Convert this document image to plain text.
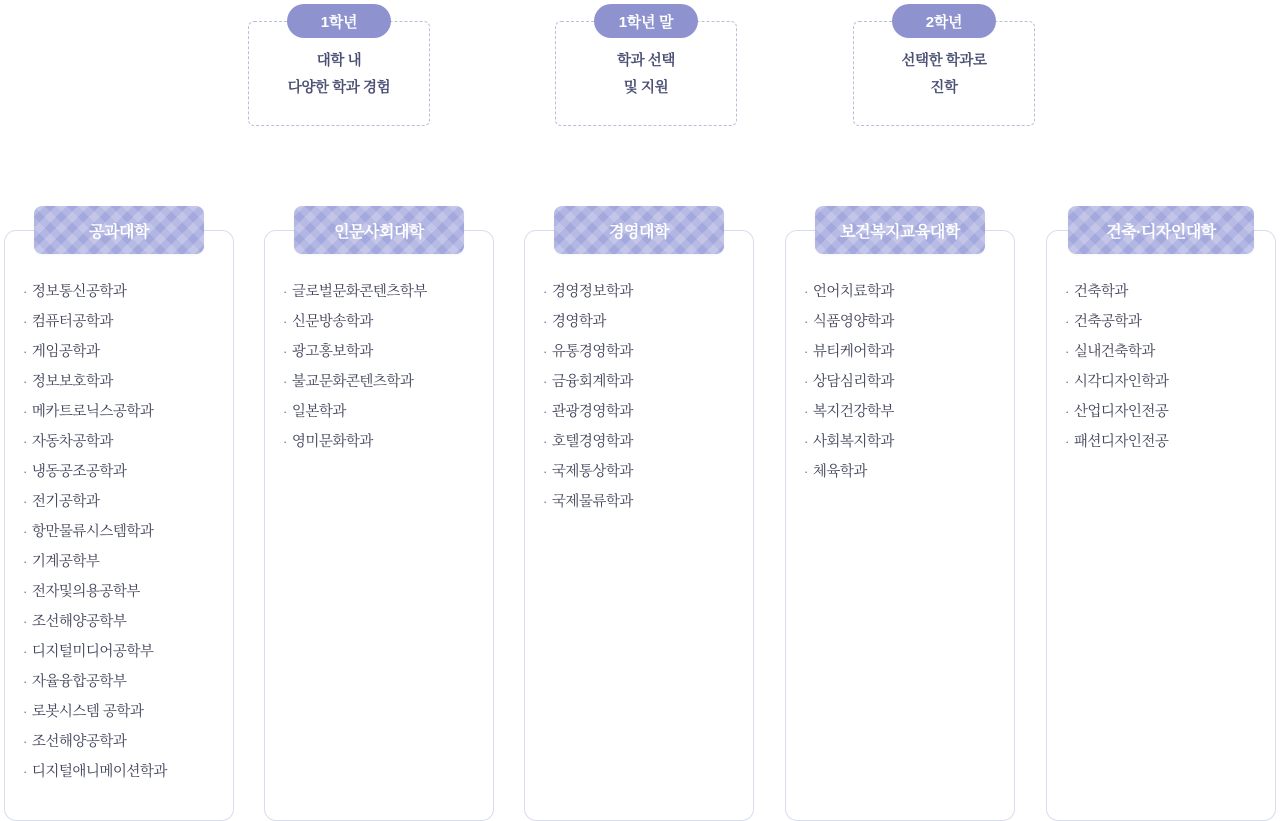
1학년
대학 내
다양한 학과 경험
1학년 말
학과 선택
및 지원
2학년
선택한 학과로
진학
공과대학
· 정보통신공학과
· 컴퓨터공학과
· 게임공학과
· 정보보호학과
· 메카트로닉스공학과
· 자동차공학과
· 냉동공조공학과
· 전기공학과
· 항만물류시스템학과
· 기계공학부
· 전자및의용공학부
· 조선해양공학부
· 디지털미디어공학부
· 자율융합공학부
· 로봇시스템 공학과
· 조선해양공학과
· 디지털애니메이션학과
인문사회대학
· 글로벌문화콘텐츠학부
· 신문방송학과
· 광고홍보학과
· 불교문화콘텐츠학과
· 일본학과
· 영미문화학과
경영대학
· 경영정보학과
· 경영학과
· 유통경영학과
· 금융회계학과
· 관광경영학과
· 호텔경영학과
· 국제통상학과
· 국제물류학과
보건복지교육대학
· 언어치료학과
· 식품영양학과
· 뷰티케어학과
· 상담심리학과
· 복지건강학부
· 사회복지학과
· 체육학과
건축·디자인대학
· 건축학과
· 건축공학과
· 실내건축학과
· 시각디자인학과
· 산업디자인전공
· 패션디자인전공
